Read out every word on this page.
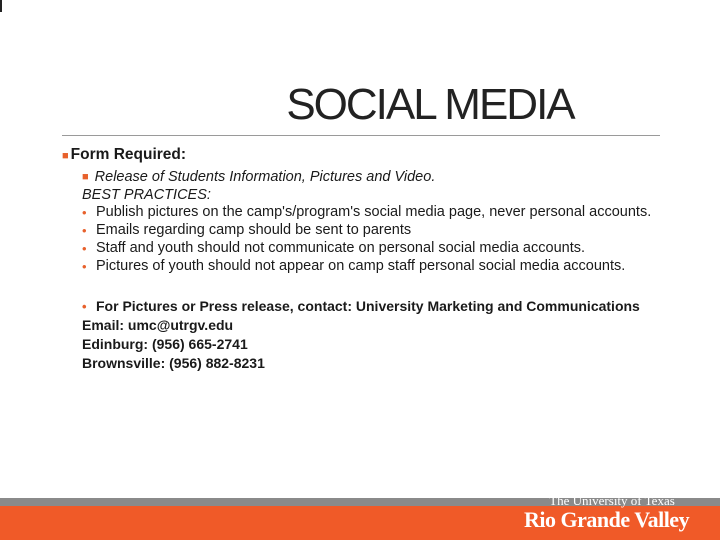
SOCIAL MEDIA
■ Form Required:
■ Release of Students Information, Pictures and Video.
BEST PRACTICES:
• Publish pictures on the camp's/program's social media page, never personal accounts.
• Emails regarding camp should be sent to parents
• Staff and youth should not communicate on personal social media accounts.
• Pictures of youth should not appear on camp staff personal social media accounts.
• For Pictures or Press release, contact: University Marketing and Communications
Email: umc@utrgv.edu
Edinburg: (956) 665-2741
Brownsville: (956) 882-8231
The University of Texas
Rio Grande Valley
